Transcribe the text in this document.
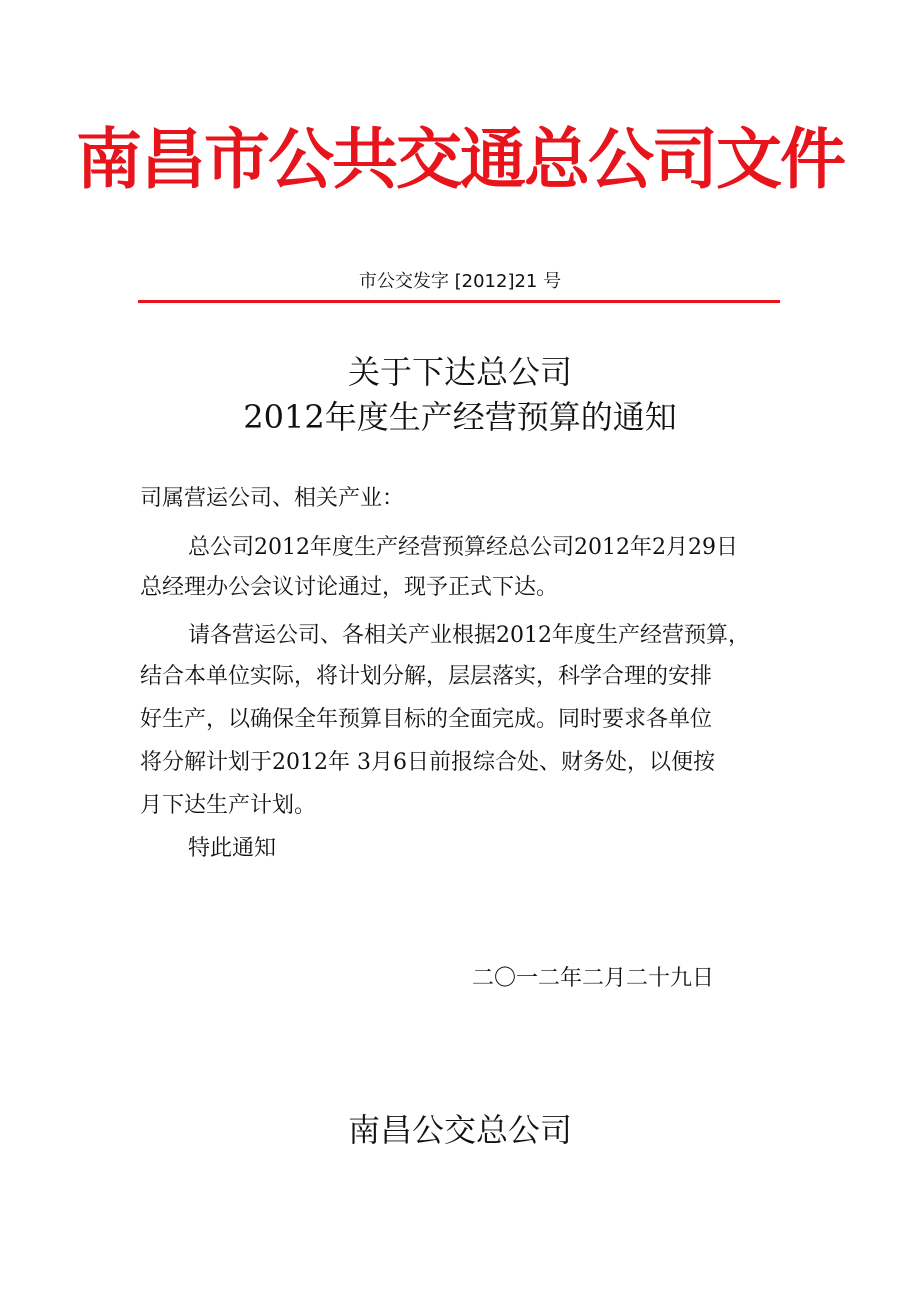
南昌市公共交通总公司文件
市公交发字 [2012]21 号
关于下达总公司
2012年度生产经营预算的通知
司属营运公司、相关产业：
总公司2012年度生产经营预算经总公司2012年2月29日
总经理办公会议讨论通过，现予正式下达。
请各营运公司、各相关产业根据2012年度生产经营预算，
结合本单位实际，将计划分解，层层落实，科学合理的安排
好生产，以确保全年预算目标的全面完成。同时要求各单位
将分解计划于2012年 3月6日前报综合处、财务处，以便按
月下达生产计划。
特此通知
二〇一二年二月二十九日
南昌公交总公司
